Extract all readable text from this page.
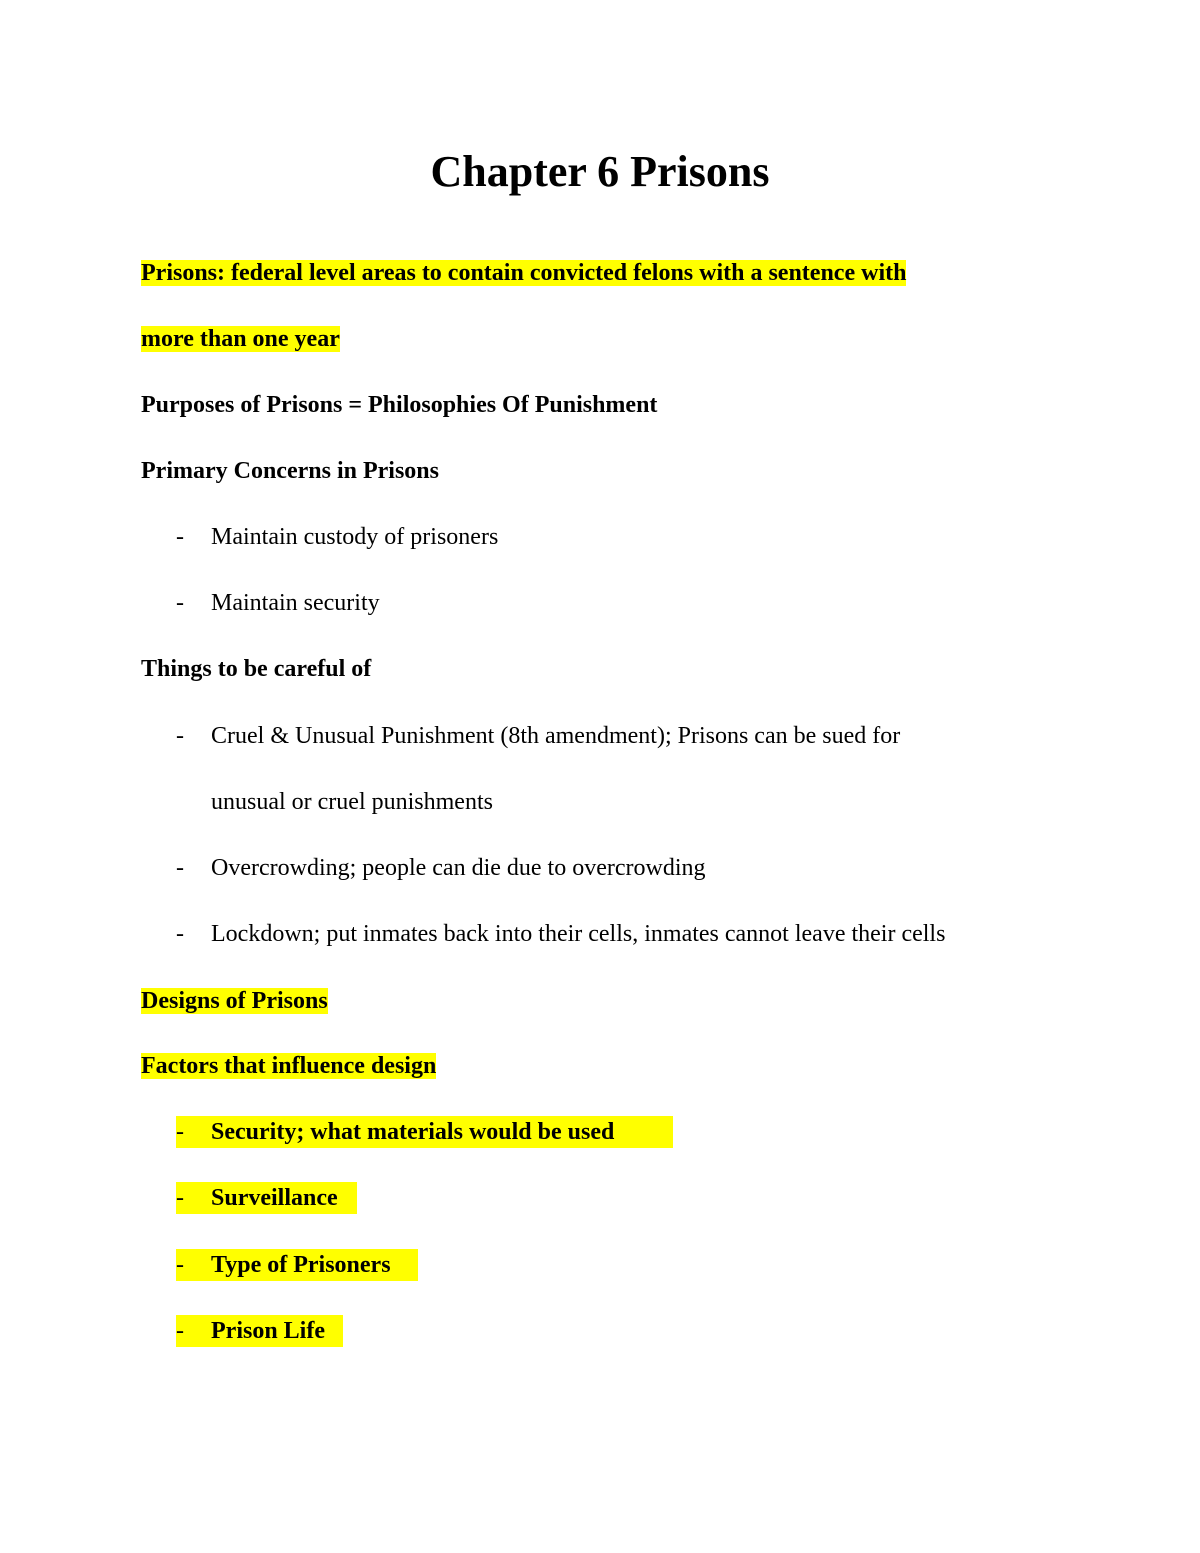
Chapter 6 Prisons
Prisons: federal level areas to contain convicted felons with a sentence with
more than one year
Purposes of Prisons = Philosophies Of Punishment
Primary Concerns in Prisons
- Maintain custody of prisoners
- Maintain security
Things to be careful of
- Cruel & Unusual Punishment (8th amendment); Prisons can be sued for
unusual or cruel punishments
- Overcrowding; people can die due to overcrowding
- Lockdown; put inmates back into their cells, inmates cannot leave their cells
Designs of Prisons
Factors that influence design
- Security; what materials would be used
- Surveillance
- Type of Prisoners
- Prison Life
